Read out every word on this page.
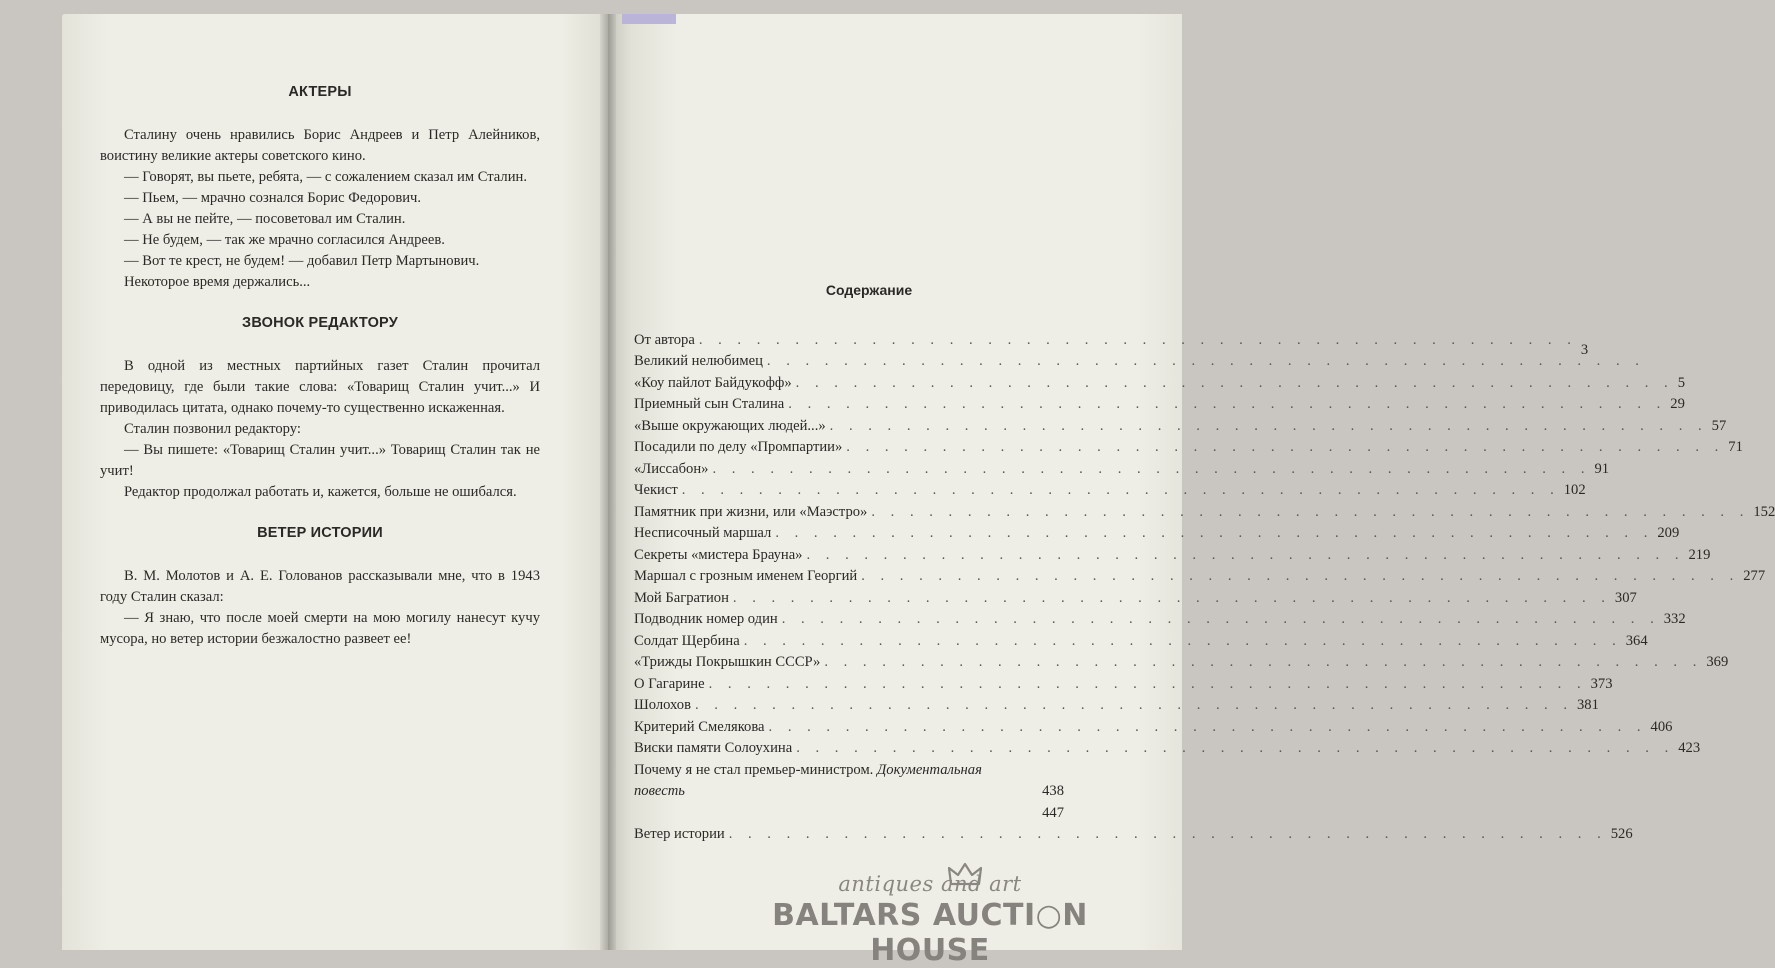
АКТЕРЫ

Сталину очень нравились Борис Андреев и Петр Алейников, воистину великие актеры советского кино.

— Говорят, вы пьете, ребята, — с сожалением сказал им Сталин.

— Пьем, — мрачно сознался Борис Федорович.

— А вы не пейте, — посоветовал им Сталин.

— Не будем, — так же мрачно согласился Андреев.

— Вот те крест, не будем! — добавил Петр Мартынович.

Некоторое время держались...

ЗВОНОК РЕДАКТОРУ

В одной из местных партийных газет Сталин прочитал передовицу, где были такие слова: «Товарищ Сталин учит...» И приводилась цитата, однако почему-то существенно искаженная.

Сталин позвонил редактору:

— Вы пишете: «Товарищ Сталин учит...» Товарищ Сталин так не учит!

Редактор продолжал работать и, кажется, больше не ошибался.

ВЕТЕР ИСТОРИИ

В. М. Молотов и А. Е. Голованов рассказывали мне, что в 1943 году Сталин сказал:

— Я знаю, что после моей смерти на мою могилу нанесут кучу мусора, но ветер истории безжалостно развеет ее!

Содержание
От автора . . . . . . . . . . . . . . . . . . . . . . . . . . . . . . . . . . . . . . . . . . . . . .
3
Великий нелюбимец . . . . . . . . . . . . . . . . . . . . . . . . . . . . . . . . . . . . . . . . . . . . . .
«Коу пайлот Байдукофф» . . . . . . . . . . . . . . . . . . . . . . . . . . . . . . . . . . . . . . . . . . . . . . 5
Приемный сын Сталина . . . . . . . . . . . . . . . . . . . . . . . . . . . . . . . . . . . . . . . . . . . . . . 29
«Выше окружающих людей...» . . . . . . . . . . . . . . . . . . . . . . . . . . . . . . . . . . . . . . . . . . . . . . 57
Посадили по делу «Промпартии» . . . . . . . . . . . . . . . . . . . . . . . . . . . . . . . . . . . . . . . . . . . . . . 71
«Лиссабон» . . . . . . . . . . . . . . . . . . . . . . . . . . . . . . . . . . . . . . . . . . . . . . 91
Чекист . . . . . . . . . . . . . . . . . . . . . . . . . . . . . . . . . . . . . . . . . . . . . . 102
Памятник при жизни, или «Маэстро» . . . . . . . . . . . . . . . . . . . . . . . . . . . . . . . . . . . . . . . . . . . . . . 152
Несписочный маршал . . . . . . . . . . . . . . . . . . . . . . . . . . . . . . . . . . . . . . . . . . . . . . 209
Секреты «мистера Брауна» . . . . . . . . . . . . . . . . . . . . . . . . . . . . . . . . . . . . . . . . . . . . . . 219
Маршал с грозным именем Георгий . . . . . . . . . . . . . . . . . . . . . . . . . . . . . . . . . . . . . . . . . . . . . . 277
Мой Багратион . . . . . . . . . . . . . . . . . . . . . . . . . . . . . . . . . . . . . . . . . . . . . . 307
Подводник номер один . . . . . . . . . . . . . . . . . . . . . . . . . . . . . . . . . . . . . . . . . . . . . . 332
Солдат Щербина . . . . . . . . . . . . . . . . . . . . . . . . . . . . . . . . . . . . . . . . . . . . . . 364
«Трижды Покрышкин СССР» . . . . . . . . . . . . . . . . . . . . . . . . . . . . . . . . . . . . . . . . . . . . . . 369
О Гагарине . . . . . . . . . . . . . . . . . . . . . . . . . . . . . . . . . . . . . . . . . . . . . . 373
Шолохов . . . . . . . . . . . . . . . . . . . . . . . . . . . . . . . . . . . . . . . . . . . . . . 381
Критерий Смелякова . . . . . . . . . . . . . . . . . . . . . . . . . . . . . . . . . . . . . . . . . . . . . . 406
Виски памяти Солоухина . . . . . . . . . . . . . . . . . . . . . . . . . . . . . . . . . . . . . . . . . . . . . . 423
Почему я не стал премьер-министром. Документальная повесть	438
447
Ветер истории . . . . . . . . . . . . . . . . . . . . . . . . . . . . . . . . . . . . . . . . . . . . . . 526
antiques and art
BALTARS AUCTI○N HOUSE
